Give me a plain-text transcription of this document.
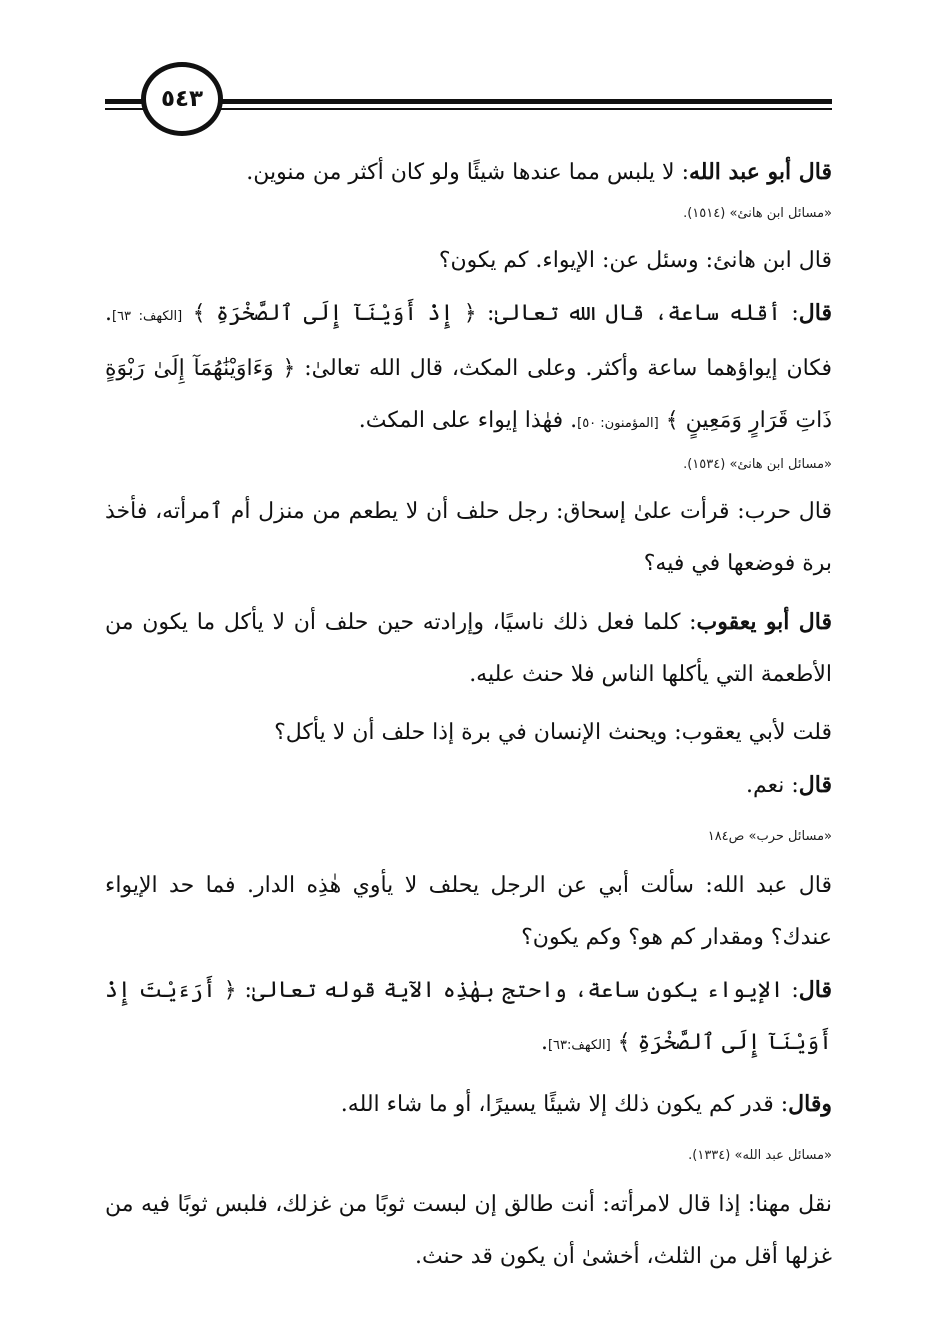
٥٤٣

قال أبو عبد الله: لا يلبس مما عندها شيئًا ولو كان أكثر من منوين.

«مسائل ابن هانئ» (١٥١٤).

قال ابن هانئ: وسئل عن: الإيواء. كم يكون؟

قال: أقله ساعة، قال الله تعالىٰ: ﴿ إِذْ أَوَيْنَآ إِلَى ٱلصَّخْرَةِ ﴾ [الكهف: ٦٣]. فكان إيواؤهما ساعة وأكثر. وعلى المكث، قال الله تعالىٰ: ﴿ وَءَاوَيْنَٰهُمَآ إِلَىٰ رَبْوَةٍ ذَاتِ قَرَارٍ وَمَعِينٍ ﴾ [المؤمنون: ٥٠]. فهٰذا إيواء على المكث.

«مسائل ابن هانئ» (١٥٣٤).

قال حرب: قرأت علىٰ إسحاق: رجل حلف أن لا يطعم من منزل أم ٱمرأته، فأخذ برة فوضعها في فيه؟

قال أبو يعقوب: كلما فعل ذلك ناسيًا، وإرادته حين حلف أن لا يأكل ما يكون من الأطعمة التي يأكلها الناس فلا حنث عليه.

قلت لأبي يعقوب: ويحنث الإنسان في برة إذا حلف أن لا يأكل؟

قال: نعم.

«مسائل حرب» ص١٨٤

قال عبد الله: سألت أبي عن الرجل يحلف لا يأوي هٰذِه الدار. فما حد الإيواء عندك؟ ومقدار كم هو؟ وكم يكون؟

قال: الإيواء يكون ساعة، واحتج بهٰذِه الآية قوله تعالىٰ: ﴿ أَرَءَيْتَ إِذْ أَوَيْنَآ إِلَى ٱلصَّخْرَةِ ﴾ [الكهف:٦٣].

وقال: قدر كم يكون ذلك إلا شيئًا يسيرًا، أو ما شاء الله.

«مسائل عبد الله» (١٣٣٤).

نقل مهنا: إذا قال لامرأته: أنت طالق إن لبست ثوبًا من غزلك، فلبس ثوبًا فيه من غزلها أقل من الثلث، أخشىٰ أن يكون قد حنث.
